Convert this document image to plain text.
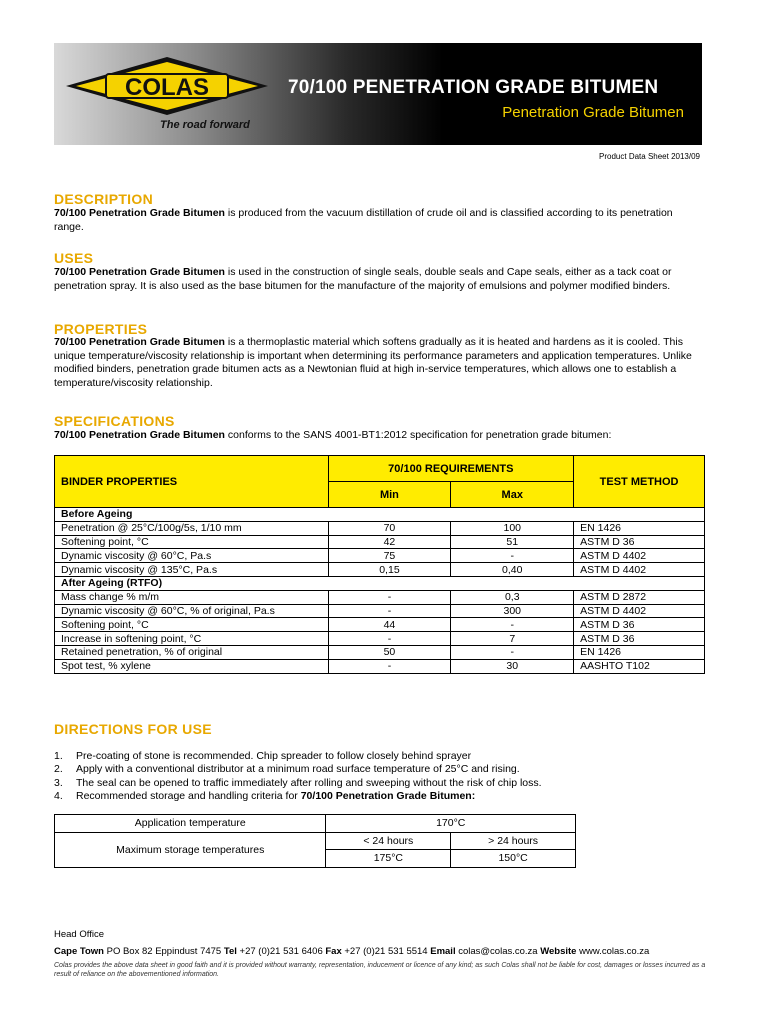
COLAS
The road forward
70/100 PENETRATION GRADE BITUMEN
Penetration Grade Bitumen
Product Data Sheet 2013/09
DESCRIPTION
70/100 Penetration Grade Bitumen is produced from the vacuum distillation of crude oil and is classified according to its penetration range.
USES
70/100 Penetration Grade Bitumen is used in the construction of single seals, double seals and Cape seals, either as a tack coat or penetration spray. It is also used as the base bitumen for the manufacture of the majority of emulsions and polymer modified binders.
PROPERTIES
70/100 Penetration Grade Bitumen is a thermoplastic material which softens gradually as it is heated and hardens as it is cooled. This unique temperature/viscosity relationship is important when determining its performance parameters and application temperatures. Unlike modified binders, penetration grade bitumen acts as a Newtonian fluid at high in-service temperatures, which allows one to establish a temperature/viscosity relationship.
SPECIFICATIONS
70/100 Penetration Grade Bitumen conforms to the SANS 4001-BT1:2012 specification for penetration grade bitumen:
BINDER PROPERTIES	70/100 REQUIREMENTS		TEST METHOD
	Min	Max	
Before Ageing			
Penetration @ 25°C/100g/5s, 1/10 mm	70	100	EN 1426
Softening point, °C	42	51	ASTM D 36
Dynamic viscosity @ 60°C, Pa.s	75	-	ASTM D 4402
Dynamic viscosity @ 135°C, Pa.s	0,15	0,40	ASTM D 4402
After Ageing (RTFO)			
Mass change % m/m	-	0,3	ASTM D 2872
Dynamic viscosity @ 60°C, % of original, Pa.s	-	300	ASTM D 4402
Softening point, °C	44	-	ASTM D 36
Increase in softening point, °C	-	7	ASTM D 36
Retained penetration, % of original	50	-	EN 1426
Spot test, % xylene	-	30	AASHTO T102
DIRECTIONS FOR USE
1.	Pre-coating of stone is recommended. Chip spreader to follow closely behind sprayer
2.	Apply with a conventional distributor at a minimum road surface temperature of 25°C and rising.
3.	The seal can be opened to traffic immediately after rolling and sweeping without the risk of chip loss.
4.	Recommended storage and handling criteria for 70/100 Penetration Grade Bitumen:
Application temperature	170°C	
Maximum storage temperatures	< 24 hours	> 24 hours
	175°C	150°C
Head Office
Cape Town PO Box 82 Eppindust 7475 Tel +27 (0)21 531 6406 Fax +27 (0)21 531 5514 Email colas@colas.co.za Website www.colas.co.za
Colas provides the above data sheet in good faith and it is provided without warranty, representation, inducement or licence of any kind; as such Colas shall not be liable for cost, damages or losses incurred as a result of reliance on the abovementioned information.
